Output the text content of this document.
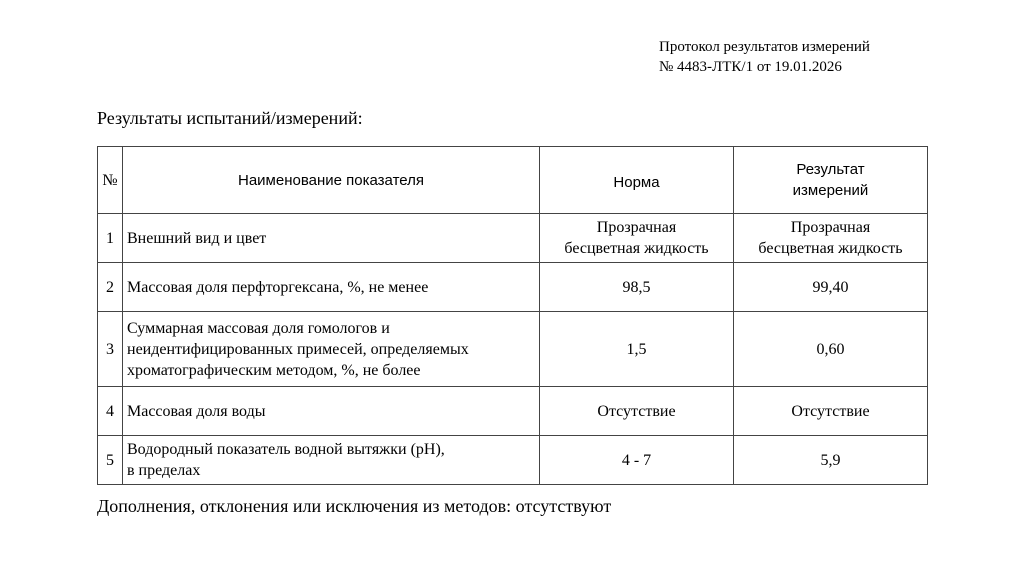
Протокол результатов измерений
№ 4483-ЛТК/1 от 19.01.2026
Результаты испытаний/измерений:
№	Наименование показателя	Норма	Результат
измерений

1	Внешний вид и цвет	Прозрачная
бесцветная жидкость	Прозрачная
бесцветная жидкость

2	Массовая доля перфторгексана, %, не менее	98,5	99,40

3	Суммарная массовая доля гомологов и
неидентифицированных примесей, определяемых
хроматографическим методом, %, не более	1,5	0,60

4	Массовая доля воды	Отсутствие	Отсутствие

5	Водородный показатель водной вытяжки (pH),
в пределах	4 - 7	5,9
Дополнения, отклонения или исключения из методов: отсутствуют
